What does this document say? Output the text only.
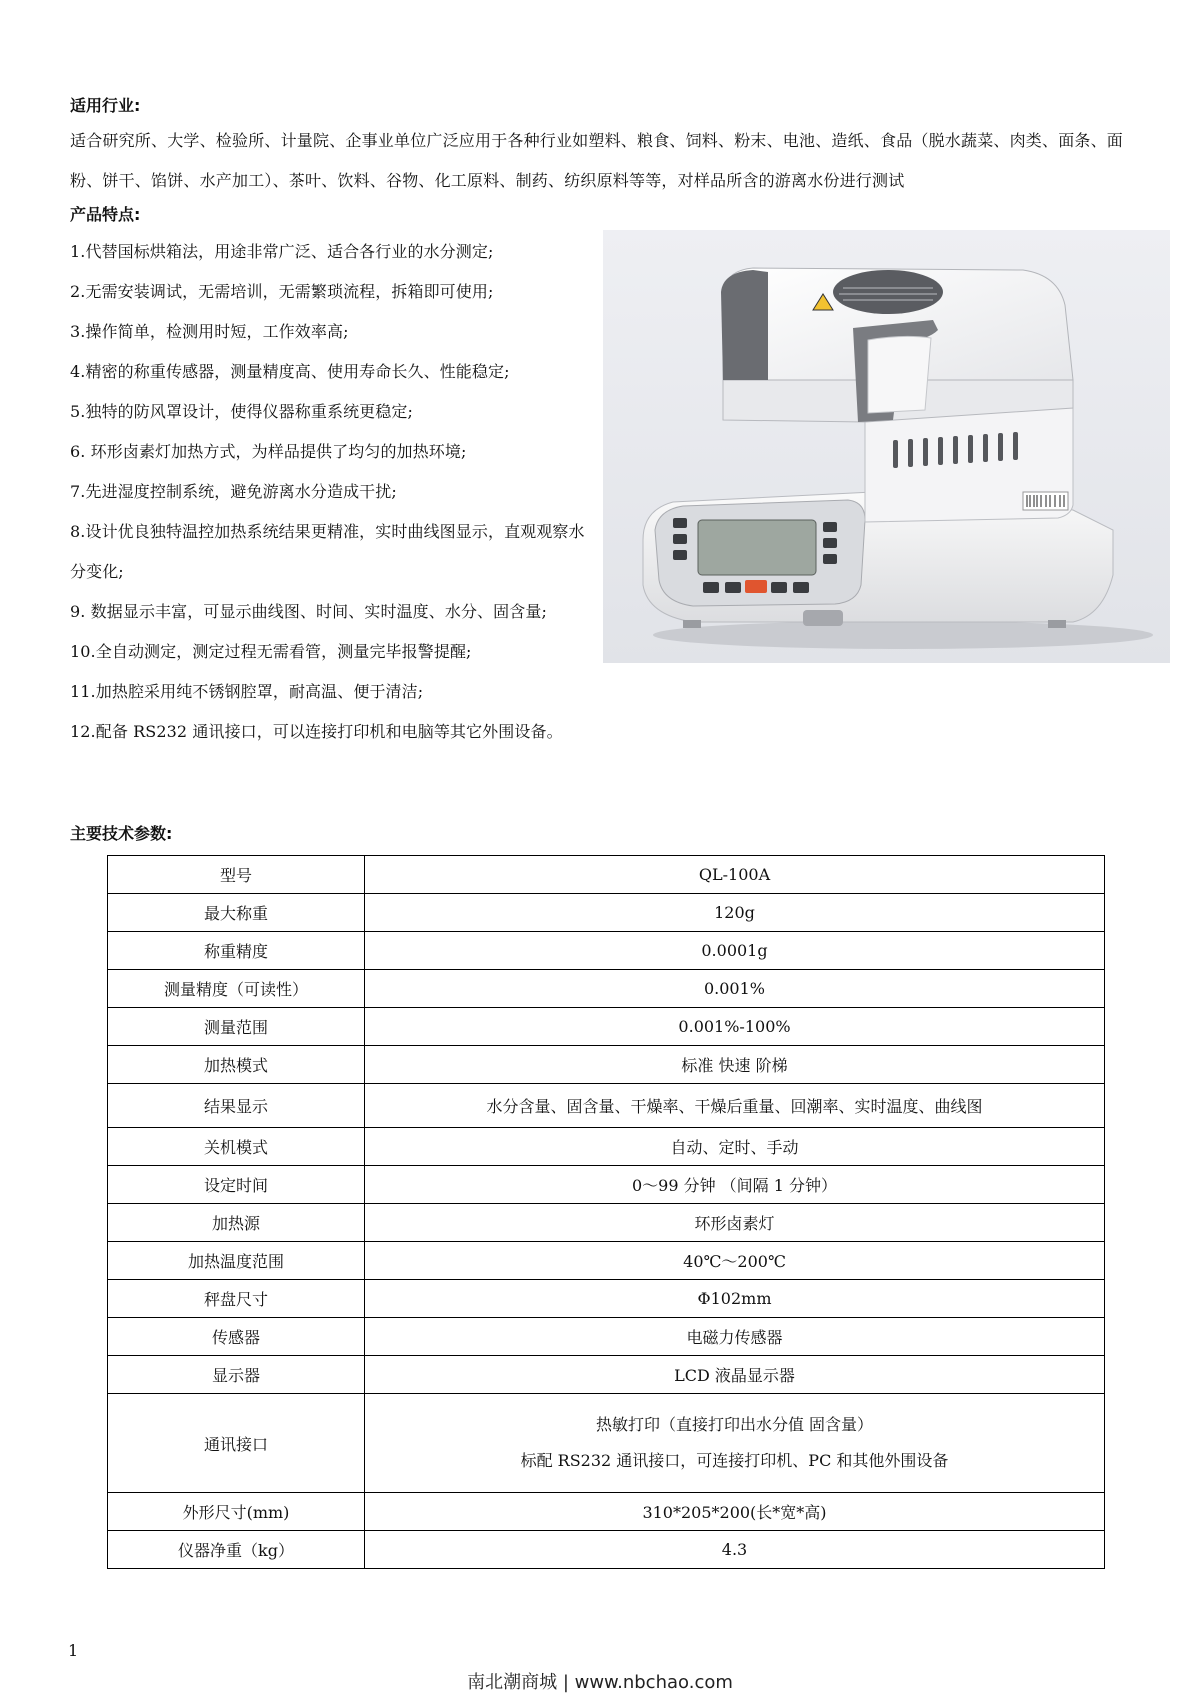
适用行业:
适合研究所、大学、检验所、计量院、企事业单位广泛应用于各种行业如塑料、粮食、饲料、粉末、电池、造纸、食品（脱水蔬菜、肉类、面条、面粉、饼干、馅饼、水产加工）、茶叶、饮料、谷物、化工原料、制药、纺织原料等等，对样品所含的游离水份进行测试
产品特点:
1.代替国标烘箱法，用途非常广泛、适合各行业的水分测定;
2.无需安装调试，无需培训，无需繁琐流程，拆箱即可使用;
3.操作简单，检测用时短，工作效率高;
4.精密的称重传感器，测量精度高、使用寿命长久、性能稳定;
5.独特的防风罩设计，使得仪器称重系统更稳定;
6. 环形卤素灯加热方式，为样品提供了均匀的加热环境;
7.先进湿度控制系统，避免游离水分造成干扰;
8.设计优良独特温控加热系统结果更精准，实时曲线图显示，直观观察水分变化;
9. 数据显示丰富，可显示曲线图、时间、实时温度、水分、固含量;
10.全自动测定，测定过程无需看管，测量完毕报警提醒;
11.加热腔采用纯不锈钢腔罩，耐高温、便于清洁;
12.配备 RS232 通讯接口，可以连接打印机和电脑等其它外围设备。
主要技术参数:
型号	QL-100A
最大称重	120g
称重精度	0.0001g
测量精度（可读性）	0.001%
测量范围	0.001%-100%
加热模式	标准 快速 阶梯
结果显示	水分含量、固含量、干燥率、干燥后重量、回潮率、实时温度、曲线图
关机模式	自动、定时、手动
设定时间	0～99 分钟 （间隔 1 分钟）
加热源	环形卤素灯
加热温度范围	40℃～200℃
秤盘尺寸	Φ102mm
传感器	电磁力传感器
显示器	LCD 液晶显示器
通讯接口	热敏打印（直接打印出水分值 固含量）
标配 RS232 通讯接口，可连接打印机、PC 和其他外围设备

外形尺寸(mm)	310*205*200(长*宽*高)
仪器净重（kg）	4.3
1
南北潮商城 | www.nbchao.com
